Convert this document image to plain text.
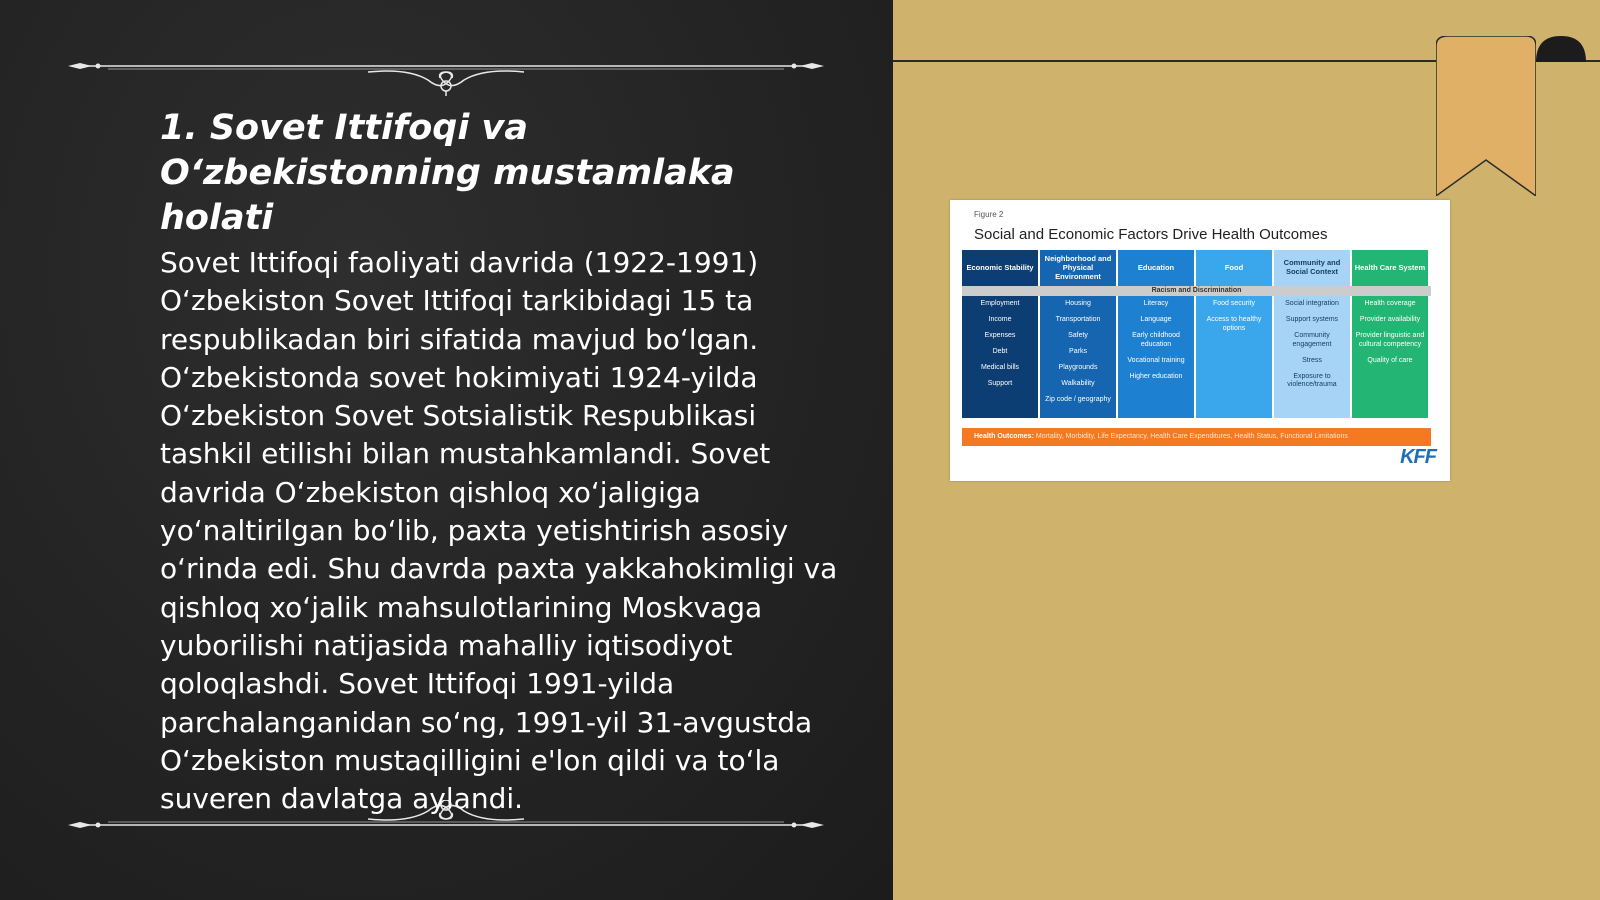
1. Sovet Ittifoqi va O‘zbekistonning mustamlaka holati

Sovet Ittifoqi faoliyati davrida (1922-1991) O‘zbekiston Sovet Ittifoqi tarkibidagi 15 ta respublikadan biri sifatida mavjud bo‘lgan. O‘zbekistonda sovet hokimiyati 1924-yilda O‘zbekiston Sovet Sotsialistik Respublikasi tashkil etilishi bilan mustahkamlandi. Sovet davrida O‘zbekiston qishloq xo‘jaligiga yo‘naltirilgan bo‘lib, paxta yetishtirish asosiy o‘rinda edi. Shu davrda paxta yakkahokimligi va qishloq xo‘jalik mahsulotlarining Moskvaga yuborilishi natijasida mahalliy iqtisodiyot qoloqlashdi. Sovet Ittifoqi 1991-yilda parchalanganidan so‘ng, 1991-yil 31-avgustda O‘zbekiston mustaqilligini e'lon qildi va to‘la suveren davlatga aylandi.

Figure 2
Social and Economic Factors Drive Health Outcomes
Economic Stability
Employment
Income
Expenses
Debt
Medical bills
Support
Neighborhood and Physical Environment
Housing
Transportation
Safety
Parks
Playgrounds
Walkability
Zip code / geography
Education
Literacy
Language
Early childhood education
Vocational training
Higher education
Food
Food security
Access to healthy options
Community and Social Context
Social integration
Support systems
Community engagement
Stress
Exposure to violence/trauma
Health Care System
Health coverage
Provider availability
Provider linguistic and cultural competency
Quality of care
Racism and Discrimination
Health Outcomes: Mortality, Morbidity, Life Expectancy, Health Care Expenditures, Health Status, Functional Limitations
KFF
